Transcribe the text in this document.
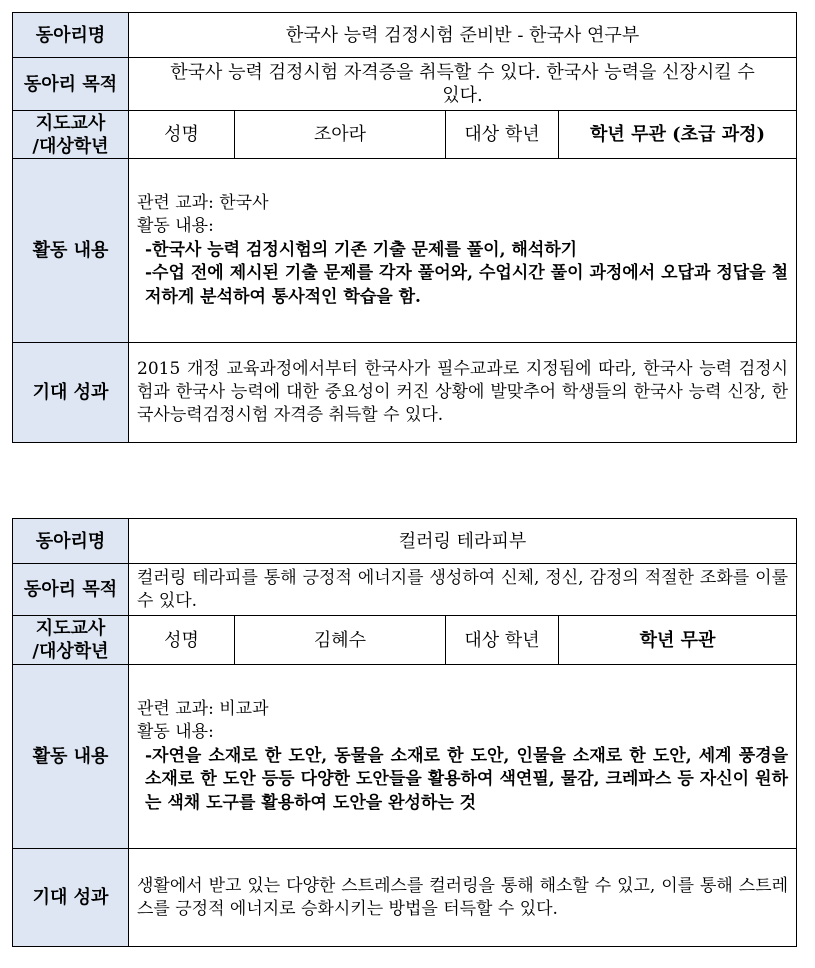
동아리명	한국사 능력 검정시험 준비반 - 한국사 연구부			
동아리 목적	한국사 능력 검정시험 자격증을 취득할 수 있다. 한국사 능력을 신장시킬 수 있다.			
지도교사
/대상학년	성명	조아라	대상 학년	학년 무관 (초급 과정)
활동 내용	관련 교과: 한국사
활동 내용:
-한국사 능력 검정시험의 기존 기출 문제를 풀이, 해석하기
-수업 전에 제시된 기출 문제를 각자 풀어와, 수업시간 풀이 과정에서 오답과 정답을 철저하게 분석하여 통사적인 학습을 함.			

기대 성과	2015 개정 교육과정에서부터 한국사가 필수교과로 지정됨에 따라, 한국사 능력 검정시험과 한국사 능력에 대한 중요성이 커진 상황에 발맞추어 학생들의 한국사 능력 신장, 한국사능력검정시험 자격증 취득할 수 있다.			
동아리명	컬러링 테라피부			
동아리 목적	컬러링 테라피를 통해 긍정적 에너지를 생성하여 신체, 정신, 감정의 적절한 조화를 이룰 수 있다.			
지도교사
/대상학년	성명	김혜수	대상 학년	학년 무관
활동 내용	관련 교과: 비교과
활동 내용:
-자연을 소재로 한 도안, 동물을 소재로 한 도안, 인물을 소재로 한 도안, 세계 풍경을 소재로 한 도안 등등 다양한 도안들을 활용하여 색연필, 물감, 크레파스 등 자신이 원하는 색채 도구를 활용하여 도안을 완성하는 것			

기대 성과	생활에서 받고 있는 다양한 스트레스를 컬러링을 통해 해소할 수 있고, 이를 통해 스트레스를 긍정적 에너지로 승화시키는 방법을 터득할 수 있다.			
